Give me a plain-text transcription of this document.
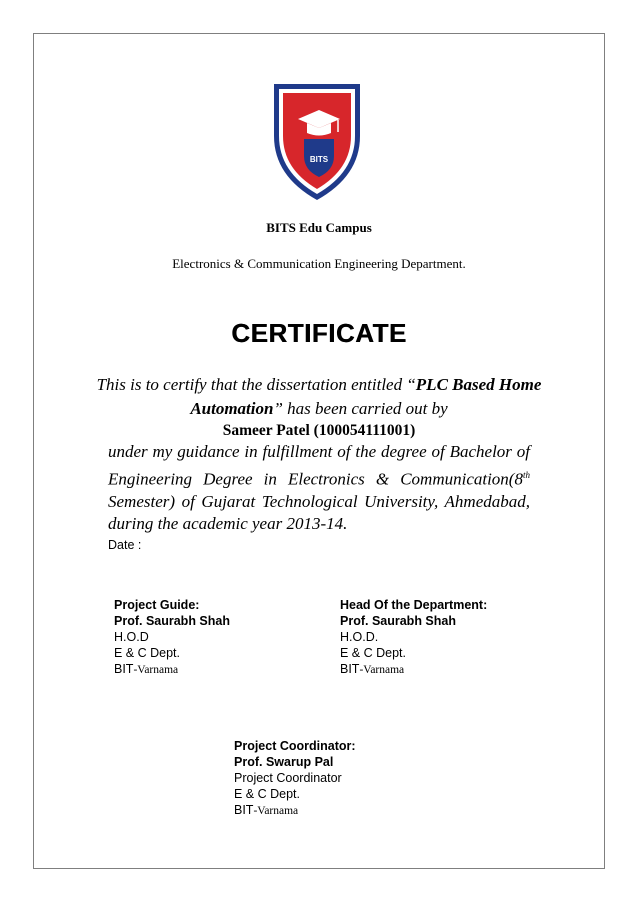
BITS
BITS Edu Campus
Electronics & Communication Engineering Department.
CERTIFICATE
This is to certify that the dissertation entitled “PLC Based Home
Automation” has been carried out by
Sameer Patel (100054111001)
under my guidance in fulfillment of the degree of Bachelor of Engineering Degree in Electronics & Communication(8th Semester) of Gujarat Technological University, Ahmedabad, during the academic year 2013-14.
Date :
Project Guide:
Prof. Saurabh Shah
H.O.D
E & C Dept.
BIT-Varnama
Head Of the Department:
Prof. Saurabh Shah
H.O.D.
E & C Dept.
BIT-Varnama
Project Coordinator:
Prof. Swarup Pal
Project Coordinator
E & C Dept.
BIT-Varnama
